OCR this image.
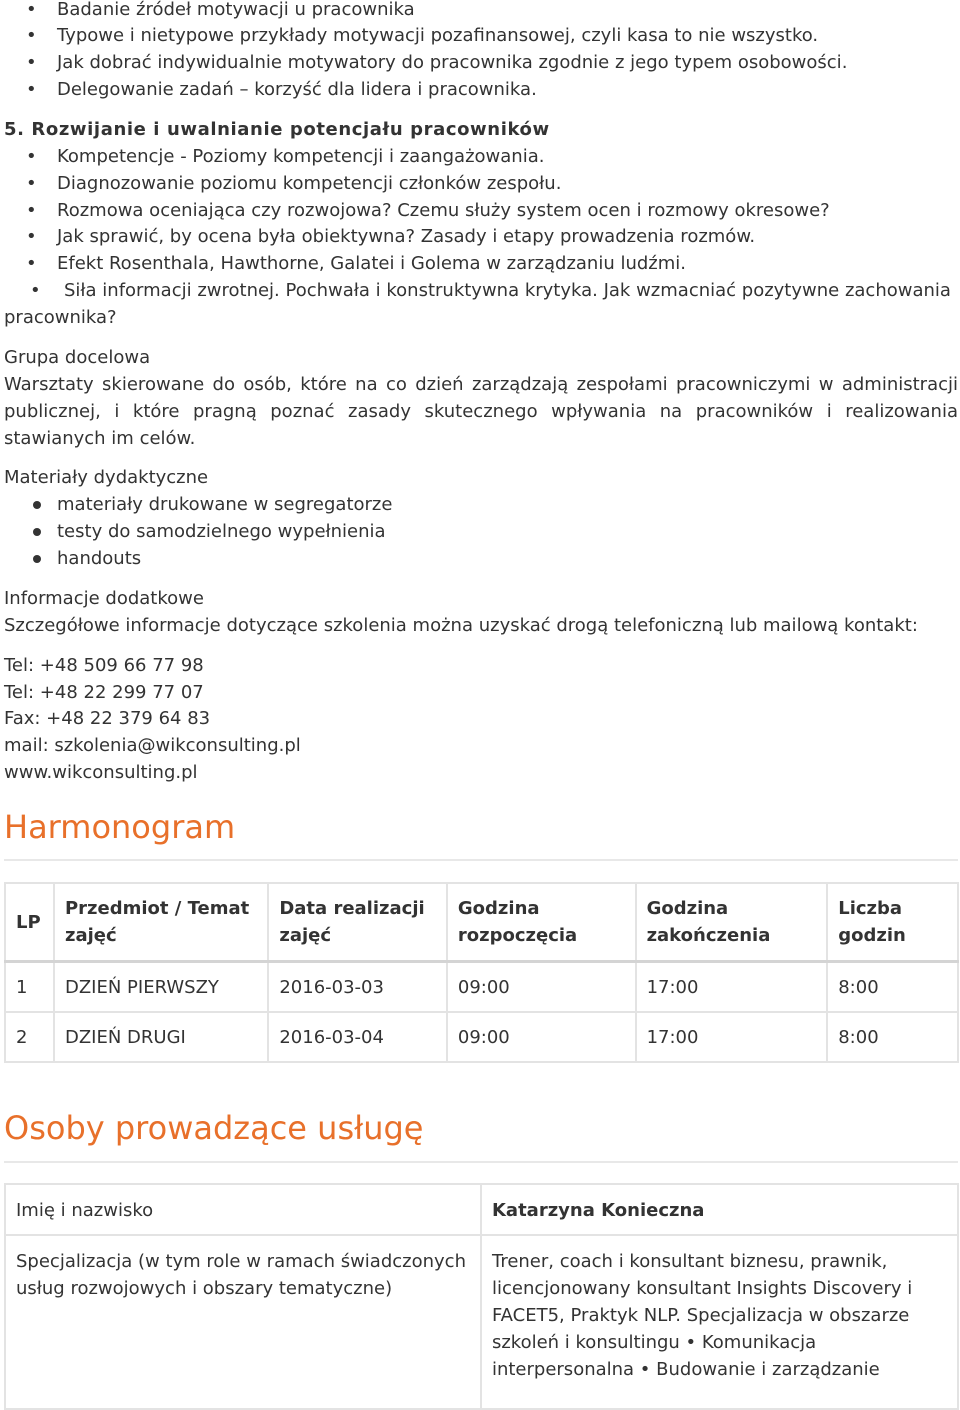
• Badanie źródeł motywacji u pracownika
• Typowe i nietypowe przykłady motywacji pozafinansowej, czyli kasa to nie wszystko.
• Jak dobrać indywidualnie motywatory do pracownika zgodnie z jego typem osobowości.
• Delegowanie zadań – korzyść dla lidera i pracownika.
5. Rozwijanie i uwalnianie potencjału pracowników
• Kompetencje - Poziomy kompetencji i zaangażowania.
• Diagnozowanie poziomu kompetencji członków zespołu.
• Rozmowa oceniająca czy rozwojowa? Czemu służy system ocen i rozmowy okresowe?
• Jak sprawić, by ocena była obiektywna? Zasady i etapy prowadzenia rozmów.
• Efekt Rosenthala, Hawthorne, Galatei i Golema w zarządzaniu ludźmi.
• Siła informacji zwrotnej. Pochwała i konstruktywna krytyka. Jak wzmacniać pozytywne zachowania
pracownika?
Grupa docelowa
Warsztaty skierowane do osób, które na co dzień zarządzają zespołami pracowniczymi w administracji publicznej, i które pragną poznać zasady skutecznego wpływania na pracowników i realizowania stawianych im celów.
Materiały dydaktyczne
materiały drukowane w segregatorze
testy do samodzielnego wypełnienia
handouts
Informacje dodatkowe
Szczegółowe informacje dotyczące szkolenia można uzyskać drogą telefoniczną lub mailową kontakt:
Tel: +48 509 66 77 98
Tel: +48 22 299 77 07
Fax: +48 22 379 64 83
mail: szkolenia@wikconsulting.pl
www.wikconsulting.pl
Harmonogram
LP	Przedmiot / Temat zajęć	Data realizacji zajęć	Godzina rozpoczęcia	Godzina zakończenia	Liczba godzin
1	DZIEŃ PIERWSZY	2016-03-03	09:00	17:00	8:00
2	DZIEŃ DRUGI	2016-03-04	09:00	17:00	8:00
Osoby prowadzące usługę
Imię i nazwisko	Katarzyna Konieczna
Specjalizacja (w tym role w ramach świadczonych usług rozwojowych i obszary tematyczne)	Trener, coach i konsultant biznesu, prawnik, licencjonowany konsultant Insights Discovery i FACET5, Praktyk NLP. Specjalizacja w obszarze szkoleń i konsultingu • Komunikacja interpersonalna • Budowanie i zarządzanie
